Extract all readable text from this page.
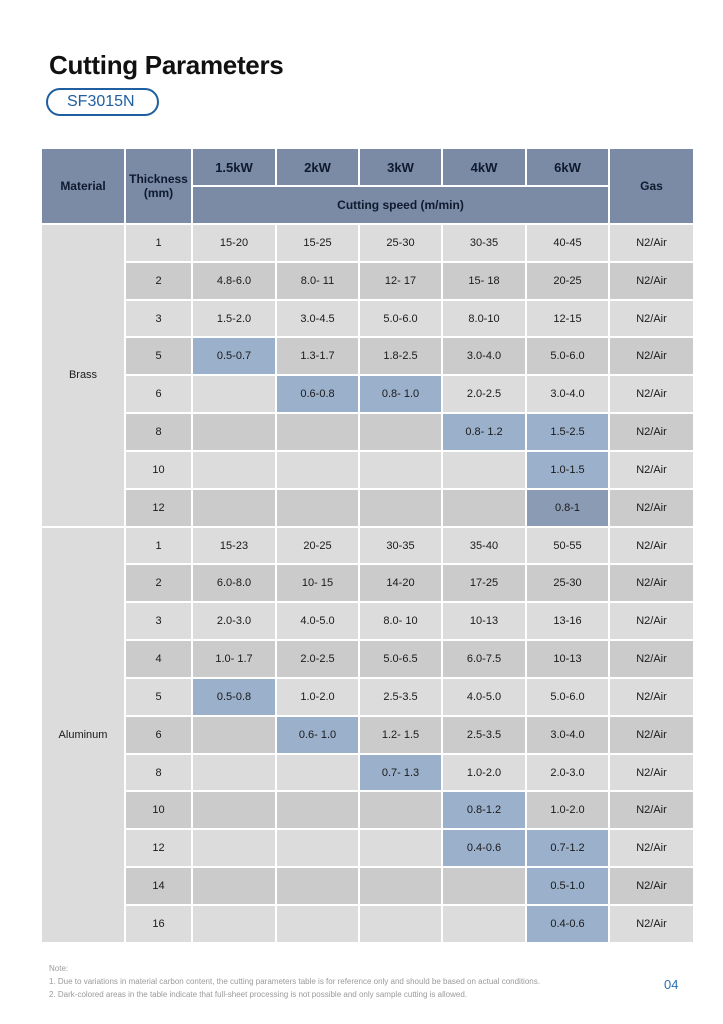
Cutting Parameters
SF3015N
Material	Thickness (mm)	1.5kW	2kW	3kW	4kW	6kW	Gas
		Cutting speed (m/min)					
Brass	1	15-20	15-25	25-30	30-35	40-45	N2/Air
	2	4.8-6.0	8.0- 11	12- 17	15- 18	20-25	N2/Air
	3	1.5-2.0	3.0-4.5	5.0-6.0	8.0-10	12-15	N2/Air
	5	0.5-0.7	1.3-1.7	1.8-2.5	3.0-4.0	5.0-6.0	N2/Air
	6		0.6-0.8	0.8- 1.0	2.0-2.5	3.0-4.0	N2/Air
	8				0.8- 1.2	1.5-2.5	N2/Air
	10					1.0-1.5	N2/Air
	12					0.8-1	N2/Air
Aluminum	1	15-23	20-25	30-35	35-40	50-55	N2/Air
	2	6.0-8.0	10- 15	14-20	17-25	25-30	N2/Air
	3	2.0-3.0	4.0-5.0	8.0- 10	10-13	13-16	N2/Air
	4	1.0- 1.7	2.0-2.5	5.0-6.5	6.0-7.5	10-13	N2/Air
	5	0.5-0.8	1.0-2.0	2.5-3.5	4.0-5.0	5.0-6.0	N2/Air
	6		0.6- 1.0	1.2- 1.5	2.5-3.5	3.0-4.0	N2/Air
	8			0.7- 1.3	1.0-2.0	2.0-3.0	N2/Air
	10				0.8-1.2	1.0-2.0	N2/Air
	12				0.4-0.6	0.7-1.2	N2/Air
	14					0.5-1.0	N2/Air
	16					0.4-0.6	N2/Air
Note:
1. Due to variations in material carbon content, the cutting parameters table is for reference only and should be based on actual conditions.
2. Dark-colored areas in the table indicate that full-sheet processing is not possible and only sample cutting is allowed.
04
